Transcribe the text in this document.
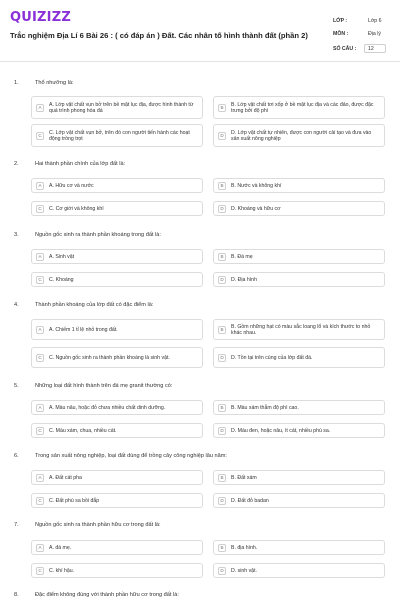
QUIZIZZ
Trắc nghiệm Địa Lí 6 Bài 26 : ( có đáp án ) Đất. Các nhân tố hình thành đất (phần 2)
LỚP :	Lớp 6
MÔN :	Địa lý
SỐ CÂU : 12
1.	Thổ nhưỡng là:
A	A. Lớp vật chất vụn bở trên bề mặt lục địa, được hình thành từ quá trình phong hóa đá
B	B. Lớp vật chất tơi xốp ở bề mặt lục địa và các đảo, được đặc trưng bởi độ phì
C	C. Lớp vật chất vụn bở, trên đó con người tiến hành các hoạt động trồng trọt
D	D. Lớp vật chất tự nhiên, được con người cải tạo và đưa vào sản xuất nông nghiệp
2.	Hai thành phần chính của lớp đất là:
A	A. Hữu cơ và nước	B	B. Nước và không khí
C	C. Cơ giới và không khí	D	D. Khoáng và hữu cơ
3.	Nguồn gốc sinh ra thành phần khoáng trong đất là:
A	A. Sinh vật	B	B. Đá mẹ
C	C. Khoáng	D	D. Địa hình
4.	Thành phần khoáng của lớp đất có đặc điểm là:
A	A. Chiếm 1 tỉ lệ nhỏ trong đất.	B	B. Gồm những hạt có màu sắc loang lổ và kích thước to nhỏ khác nhau.
C	C. Nguồn gốc sinh ra thành phần khoáng là sinh vật.	D	D. Tồn tại trên cùng của lớp đất đá.
5.	Những loại đất hình thành trên đá mẹ granit thường có:
A	A. Màu nâu, hoặc đỏ chưa nhiều chất dinh dưỡng.	B	B. Màu xám thẫm độ phì cao.
C	C. Màu xám, chua, nhiều cát.	D	D. Màu đen, hoặc nâu, ít cát, nhiều phù sa.
6.	Trong sản xuất nông nghiệp, loại đất dùng để trồng cây công nghiệp lâu năm:
A	A. Đất cát pha	B	B. Đất xám
C	C. Đất phù sa bồi đắp	D	D. Đất đỏ badan
7.	Nguồn gốc sinh ra thành phần hữu cơ trong đất là:
A	A. đá mẹ.	B	B. địa hình.
C	C. khí hậu.	D	D. sinh vật.
8.	Đặc điểm không đúng với thành phần hữu cơ trong đất là:
